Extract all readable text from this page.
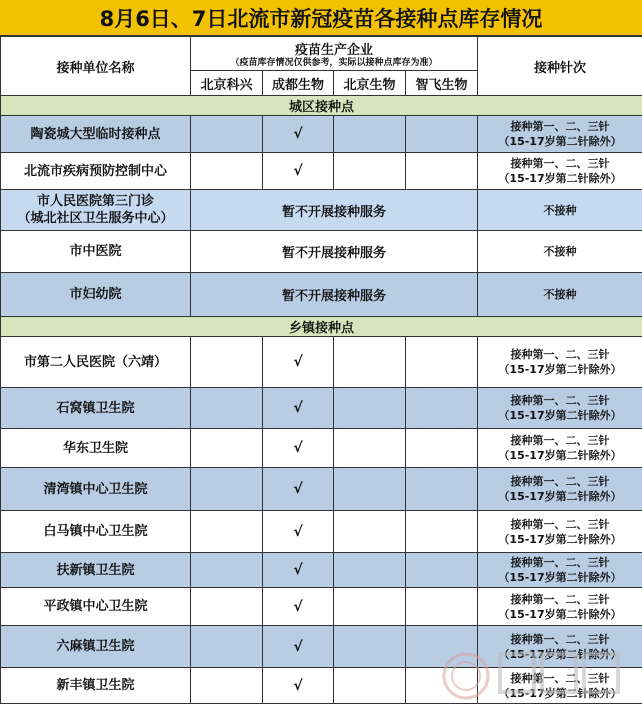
8月6日、7日北流市新冠疫苗各接种点库存情况
接种单位名称	疫苗生产企业
（疫苗库存情况仅供参考，实际以接种点库存为准）				接种针次
	北京科兴	成都生物	北京生物	智飞生物	
城区接种点					
陶瓷城大型临时接种点		√			接种第一、二、三针
（15-17岁第二针除外）

北流市疾病预防控制中心		√			接种第一、二、三针
（15-17岁第二针除外）

市人民医院第三门诊
（城北社区卫生服务中心）	暂不开展接种服务				不接种
市中医院	暂不开展接种服务				不接种
市妇幼院	暂不开展接种服务				不接种
乡镇接种点					
市第二人民医院（六靖）		√			接种第一、二、三针
（15-17岁第二针除外）

石窝镇卫生院		√			接种第一、二、三针
（15-17岁第二针除外）

华东卫生院		√			接种第一、二、三针
（15-17岁第二针除外）

清湾镇中心卫生院		√			接种第一、二、三针
（15-17岁第二针除外）

白马镇中心卫生院		√			接种第一、二、三针
（15-17岁第二针除外）

扶新镇卫生院		√			接种第一、二、三针
（15-17岁第二针除外）

平政镇中心卫生院		√			接种第一、二、三针
（15-17岁第二针除外）

六麻镇卫生院		√			接种第一、二、三针
（15-17岁第二针除外）

新丰镇卫生院		√			接种第一、二、三针
（15-17岁第二针除外）
